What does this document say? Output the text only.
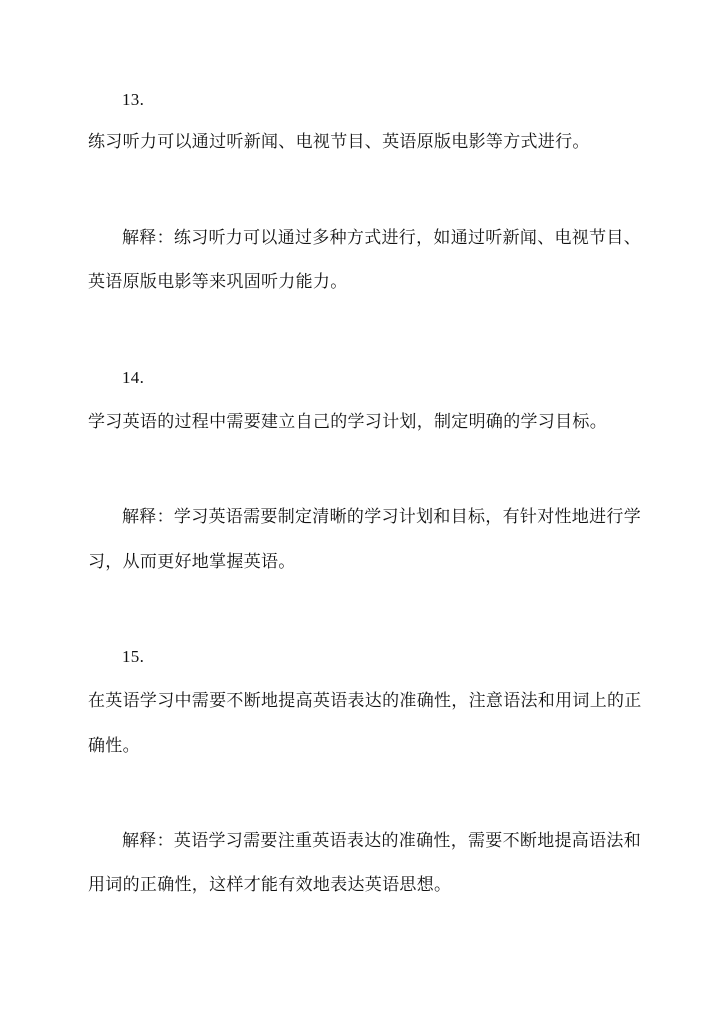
13.
练习听力可以通过听新闻、电视节目、英语原版电影等方式进行。
解释：练习听力可以通过多种方式进行，如通过听新闻、电视节目、
英语原版电影等来巩固听力能力。
14.
学习英语的过程中需要建立自己的学习计划，制定明确的学习目标。
解释：学习英语需要制定清晰的学习计划和目标，有针对性地进行学
习，从而更好地掌握英语。
15.
在英语学习中需要不断地提高英语表达的准确性，注意语法和用词上的正
确性。
解释：英语学习需要注重英语表达的准确性，需要不断地提高语法和
用词的正确性，这样才能有效地表达英语思想。
